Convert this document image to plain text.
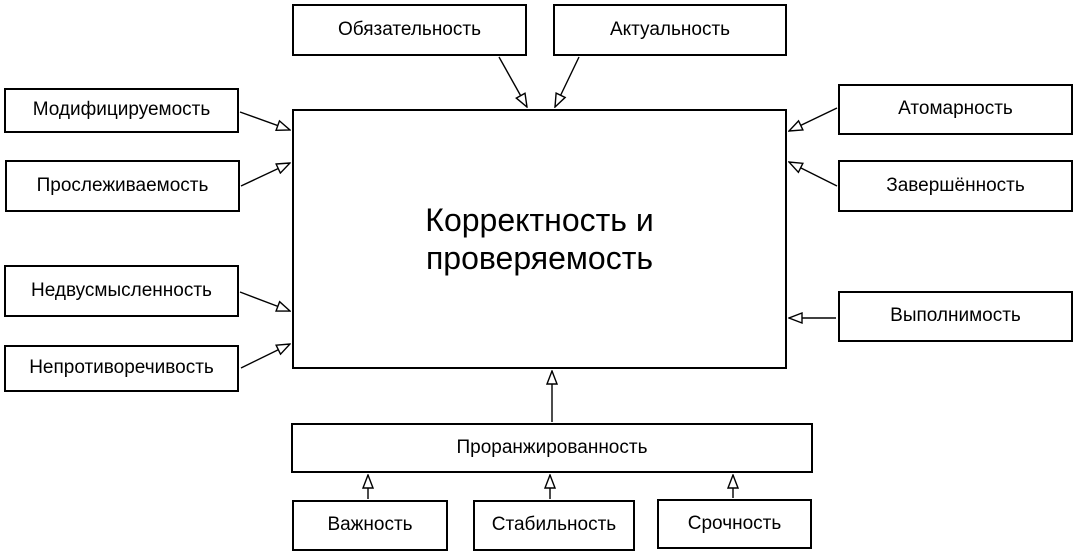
Обязательность	Актуальность
Модифицируемость
Прослеживаемость
Недвусмысленность
Непротиворечивость
Атомарность
Завершённость
Выполнимость
Корректность и
проверяемость
Проранжированность
Важность	Стабильность	Срочность
